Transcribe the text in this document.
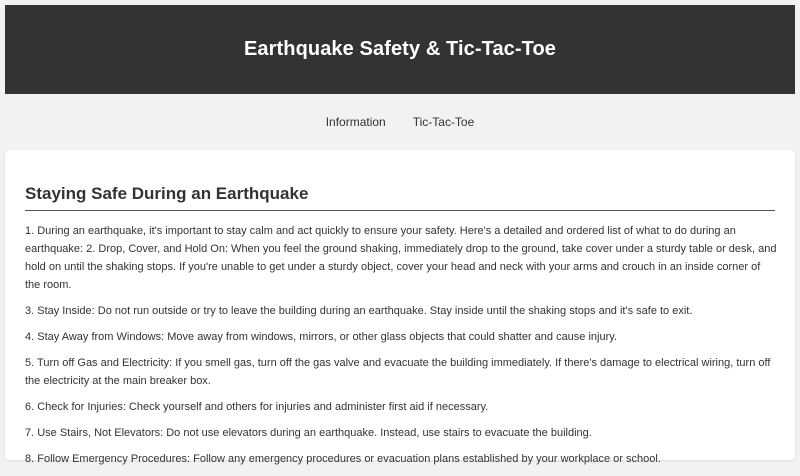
Earthquake Safety & Tic-Tac-Toe
Information Tic-Tac-Toe
Staying Safe During an Earthquake

1. During an earthquake, it's important to stay calm and act quickly to ensure your safety. Here's a detailed and ordered list of what to do during an earthquake: 2. Drop, Cover, and Hold On: When you feel the ground shaking, immediately drop to the ground, take cover under a sturdy table or desk, and hold on until the shaking stops. If you're unable to get under a sturdy object, cover your head and neck with your arms and crouch in an inside corner of the room.

3. Stay Inside: Do not run outside or try to leave the building during an earthquake. Stay inside until the shaking stops and it's safe to exit.

4. Stay Away from Windows: Move away from windows, mirrors, or other glass objects that could shatter and cause injury.

5. Turn off Gas and Electricity: If you smell gas, turn off the gas valve and evacuate the building immediately. If there's damage to electrical wiring, turn off the electricity at the main breaker box.

6. Check for Injuries: Check yourself and others for injuries and administer first aid if necessary.

7. Use Stairs, Not Elevators: Do not use elevators during an earthquake. Instead, use stairs to evacuate the building.

8. Follow Emergency Procedures: Follow any emergency procedures or evacuation plans established by your workplace or school.
